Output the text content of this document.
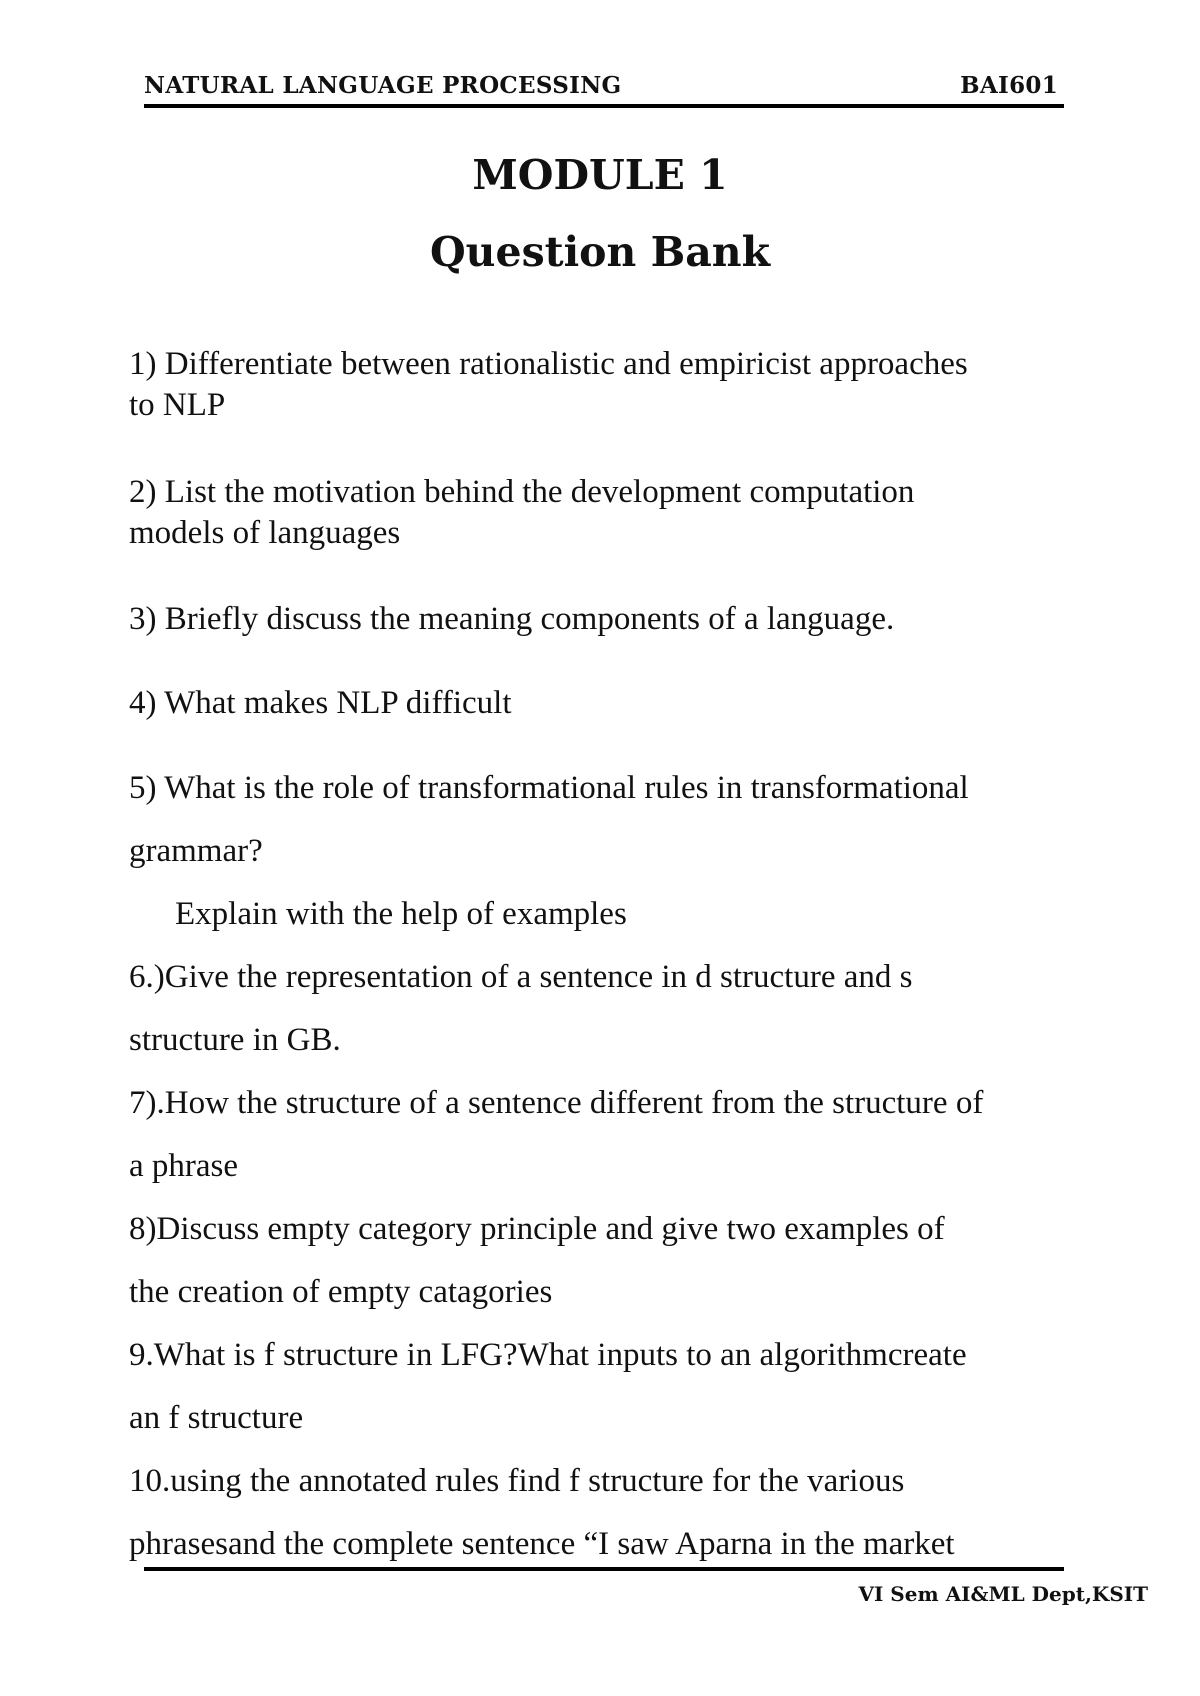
NATURAL LANGUAGE PROCESSING	BAI601
MODULE 1
Question Bank
1) Differentiate between rationalistic and empiricist approaches
to NLP
2) List the motivation behind the development computation
models of languages
3) Briefly discuss the meaning components of a language.
4) What makes NLP difficult
5) What is the role of transformational rules in transformational
grammar?
Explain with the help of examples
6.)Give the representation of a sentence in d structure and s
structure in GB.
7).How the structure of a sentence different from the structure of
a phrase
8)Discuss empty category principle and give two examples of
the creation of empty catagories
9.What is f structure in LFG?What inputs to an algorithmcreate
an f structure
10.using the annotated rules find f structure for the various
phrasesand the complete sentence “I saw Aparna in the market
VI Sem AI&ML Dept,KSIT
